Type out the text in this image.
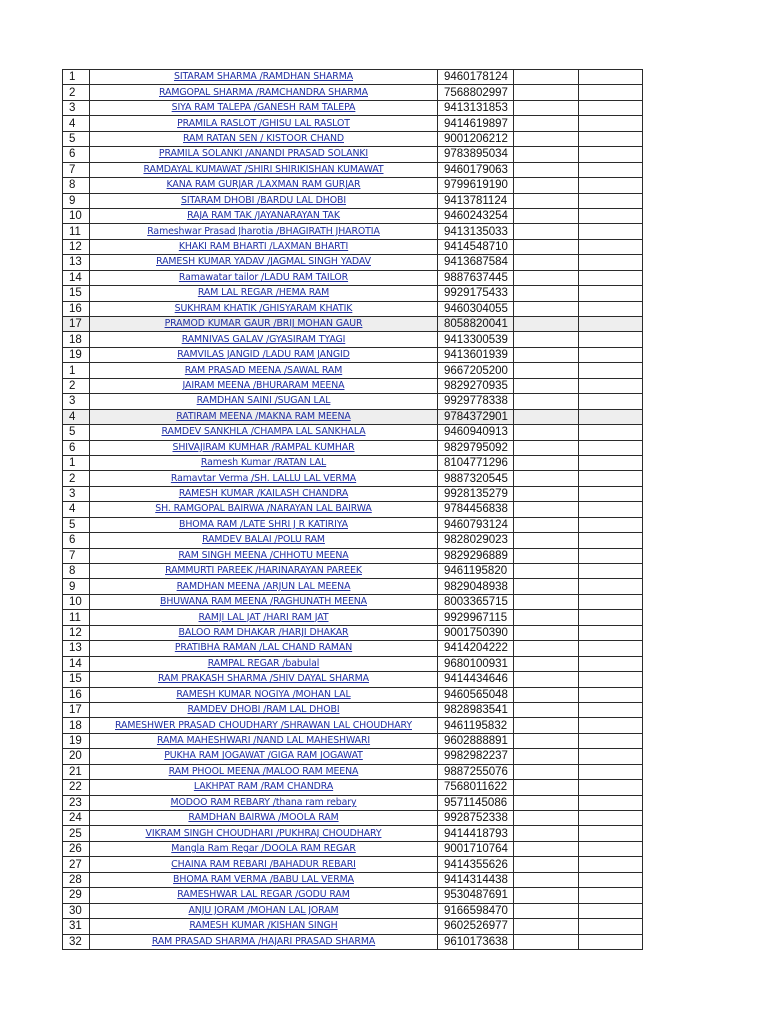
1	SITARAM SHARMA /RAMDHAN SHARMA	9460178124		
2	RAMGOPAL SHARMA /RAMCHANDRA SHARMA	7568802997		
3	SIYA RAM TALEPA /GANESH RAM TALEPA	9413131853		
4	PRAMILA RASLOT /GHISU LAL RASLOT	9414619897		
5	RAM RATAN SEN / KISTOOR CHAND	9001206212		
6	PRAMILA SOLANKI /ANANDI PRASAD SOLANKI	9783895034		
7	RAMDAYAL KUMAWAT /SHIRI SHIRIKISHAN KUMAWAT	9460179063		
8	KANA RAM GURJAR /LAXMAN RAM GURJAR	9799619190		
9	SITARAM DHOBI /BARDU LAL DHOBI	9413781124		
10	RAJA RAM TAK /JAYANARAYAN TAK	9460243254		
11	Rameshwar Prasad Jharotia /BHAGIRATH JHAROTIA	9413135033		
12	KHAKI RAM BHARTI /LAXMAN BHARTI	9414548710		
13	RAMESH KUMAR YADAV /JAGMAL SINGH YADAV	9413687584		
14	Ramawatar tailor /LADU RAM TAILOR	9887637445		
15	RAM LAL REGAR /HEMA RAM	9929175433		
16	SUKHRAM KHATIK /GHISYARAM KHATIK	9460304055		
17	PRAMOD KUMAR GAUR /BRIJ MOHAN GAUR	8058820041		
18	RAMNIVAS GALAV /GYASIRAM TYAGI	9413300539		
19	RAMVILAS JANGID /LADU RAM JANGID	9413601939		
1	RAM PRASAD MEENA /SAWAL RAM	9667205200		
2	JAIRAM MEENA /BHURARAM MEENA	9829270935		
3	RAMDHAN SAINI /SUGAN LAL	9929778338		
4	RATIRAM MEENA /MAKNA RAM MEENA	9784372901		
5	RAMDEV SANKHLA /CHAMPA LAL SANKHALA	9460940913		
6	SHIVAJIRAM KUMHAR /RAMPAL KUMHAR	9829795092		
1	Ramesh Kumar /RATAN LAL	8104771296		
2	Ramavtar Verma /SH. LALLU LAL VERMA	9887320545		
3	RAMESH KUMAR /KAILASH CHANDRA	9928135279		
4	SH. RAMGOPAL BAIRWA /NARAYAN LAL BAIRWA	9784456838		
5	BHOMA RAM /LATE SHRI J R KATIRIYA	9460793124		
6	RAMDEV BALAI /POLU RAM	9828029023		
7	RAM SINGH MEENA /CHHOTU MEENA	9829296889		
8	RAMMURTI PAREEK /HARINARAYAN PAREEK	9461195820		
9	RAMDHAN MEENA /ARJUN LAL MEENA	9829048938		
10	BHUWANA RAM MEENA /RAGHUNATH MEENA	8003365715		
11	RAMJI LAL JAT /HARI RAM JAT	9929967115		
12	BALOO RAM DHAKAR /HARJI DHAKAR	9001750390		
13	PRATIBHA RAMAN /LAL CHAND RAMAN	9414204222		
14	RAMPAL REGAR /babulal	9680100931		
15	RAM PRAKASH SHARMA /SHIV DAYAL SHARMA	9414434646		
16	RAMESH KUMAR NOGIYA /MOHAN LAL	9460565048		
17	RAMDEV DHOBI /RAM LAL DHOBI	9828983541		
18	RAMESHWER PRASAD CHOUDHARY /SHRAWAN LAL CHOUDHARY	9461195832		
19	RAMA MAHESHWARI /NAND LAL MAHESHWARI	9602888891		
20	PUKHA RAM JOGAWAT /GIGA RAM JOGAWAT	9982982237		
21	RAM PHOOL MEENA /MALOO RAM MEENA	9887255076		
22	LAKHPAT RAM /RAM CHANDRA	7568011622		
23	MODOO RAM REBARY /thana ram rebary	9571145086		
24	RAMDHAN BAIRWA /MOOLA RAM	9928752338		
25	VIKRAM SINGH CHOUDHARI /PUKHRAJ CHOUDHARY	9414418793		
26	Mangla Ram Regar /DOOLA RAM REGAR	9001710764		
27	CHAINA RAM REBARI /BAHADUR REBARI	9414355626		
28	BHOMA RAM VERMA /BABU LAL VERMA	9414314438		
29	RAMESHWAR LAL REGAR /GODU RAM	9530487691		
30	ANJU JORAM /MOHAN LAL JORAM	9166598470		
31	RAMESH KUMAR /KISHAN SINGH	9602526977		
32	RAM PRASAD SHARMA /HAJARI PRASAD SHARMA	9610173638		
